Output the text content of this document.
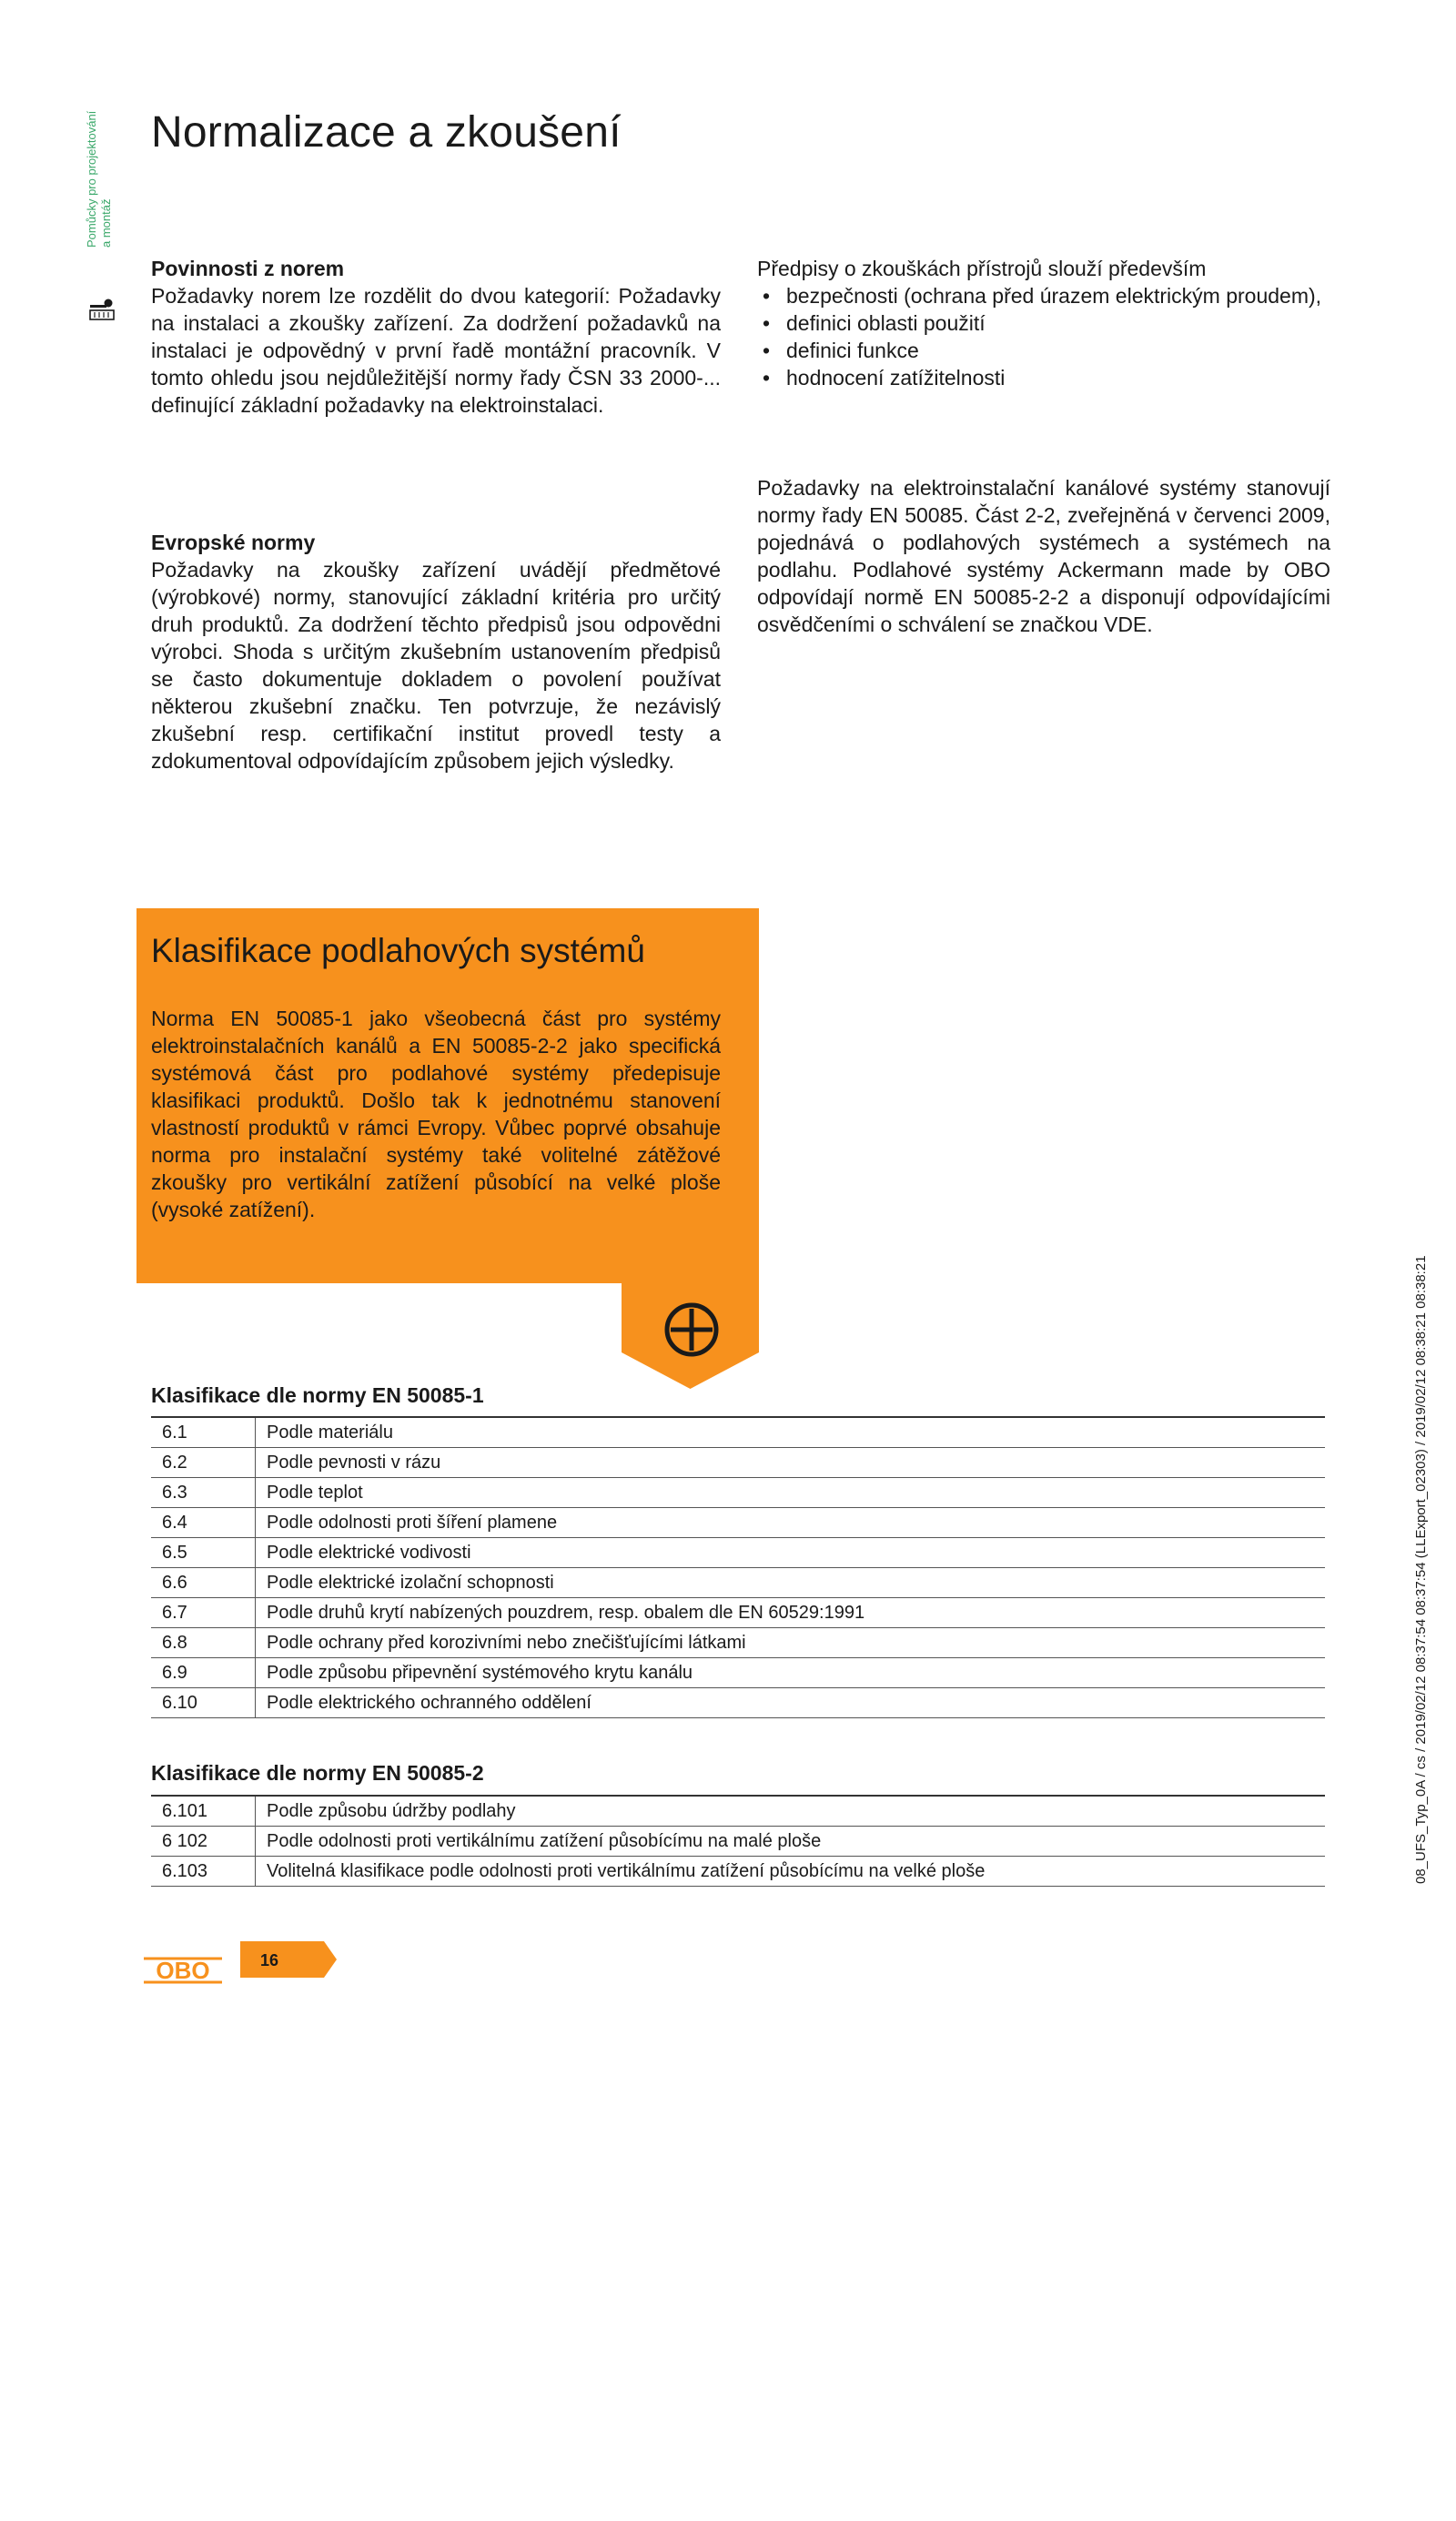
Pomůcky pro projektování a montáž
Normalizace a zkoušení

Povinnosti z norem

Požadavky norem lze rozdělit do dvou kategorií: Požadavky na instalaci a zkoušky zařízení. Za dodržení požadavků na instalaci je odpovědný v první řadě montážní pracovník. V tomto ohledu jsou nejdůležitější normy řady ČSN 33 2000-... definující základní požadavky na elektroinstalaci.

Evropské normy

Požadavky na zkoušky zařízení uvádějí předmětové (výrobkové) normy, stanovující základní kritéria pro určitý druh produktů. Za dodržení těchto předpisů jsou odpovědni výrobci. Shoda s určitým zkušebním ustanovením předpisů se často dokumentuje dokladem o povolení používat některou zkušební značku. Ten potvrzuje, že nezávislý zkušební resp. certifikační institut provedl testy a zdokumentoval odpovídajícím způsobem jejich výsledky.

Předpisy o zkouškách přístrojů slouží především

• bezpečnosti (ochrana před úrazem elektrickým proudem),
• definici oblasti použití
• definici funkce
• hodnocení zatížitelnosti

Požadavky na elektroinstalační kanálové systémy stanovují normy řady EN 50085. Část 2-2, zveřejněná v červenci 2009, pojednává o podlahových systémech a systémech na podlahu. Podlahové systémy Ackermann made by OBO odpovídají normě EN 50085-2-2 a disponují odpovídajícími osvědčeními o schválení se značkou VDE.

Klasifikace podlahových systémů

Norma EN 50085-1 jako všeobecná část pro systémy elektroinstalačních kanálů a EN 50085-2-2 jako specifická systémová část pro podlahové systémy předepisuje klasifikaci produktů. Došlo tak k jednotnému stanovení vlastností produktů v rámci Evropy. Vůbec poprvé obsahuje norma pro instalační systémy také volitelné zátěžové zkoušky pro vertikální zatížení působící na velké ploše (vysoké zatížení).

Klasifikace dle normy EN 50085-1

6.1	Podle materiálu
6.2	Podle pevnosti v rázu
6.3	Podle teplot
6.4	Podle odolnosti proti šíření plamene
6.5	Podle elektrické vodivosti
6.6	Podle elektrické izolační schopnosti
6.7	Podle druhů krytí nabízených pouzdrem, resp. obalem dle EN 60529:1991
6.8	Podle ochrany před korozivními nebo znečišťujícími látkami
6.9	Podle způsobu připevnění systémového krytu kanálu
6.10	Podle elektrického ochranného oddělení

Klasifikace dle normy EN 50085-2

6.101	Podle způsobu údržby podlahy
6 102	Podle odolnosti proti vertikálnímu zatížení působícímu na malé ploše
6.103	Volitelná klasifikace podle odolnosti proti vertikálnímu zatížení působícímu na velké ploše	08_UFS_Typ_0A / cs / 2019/02/12 08:37:54 08:37:54 (LLExport_02303) / 2019/02/12 08:38:21 08:38:21
OBO	16
